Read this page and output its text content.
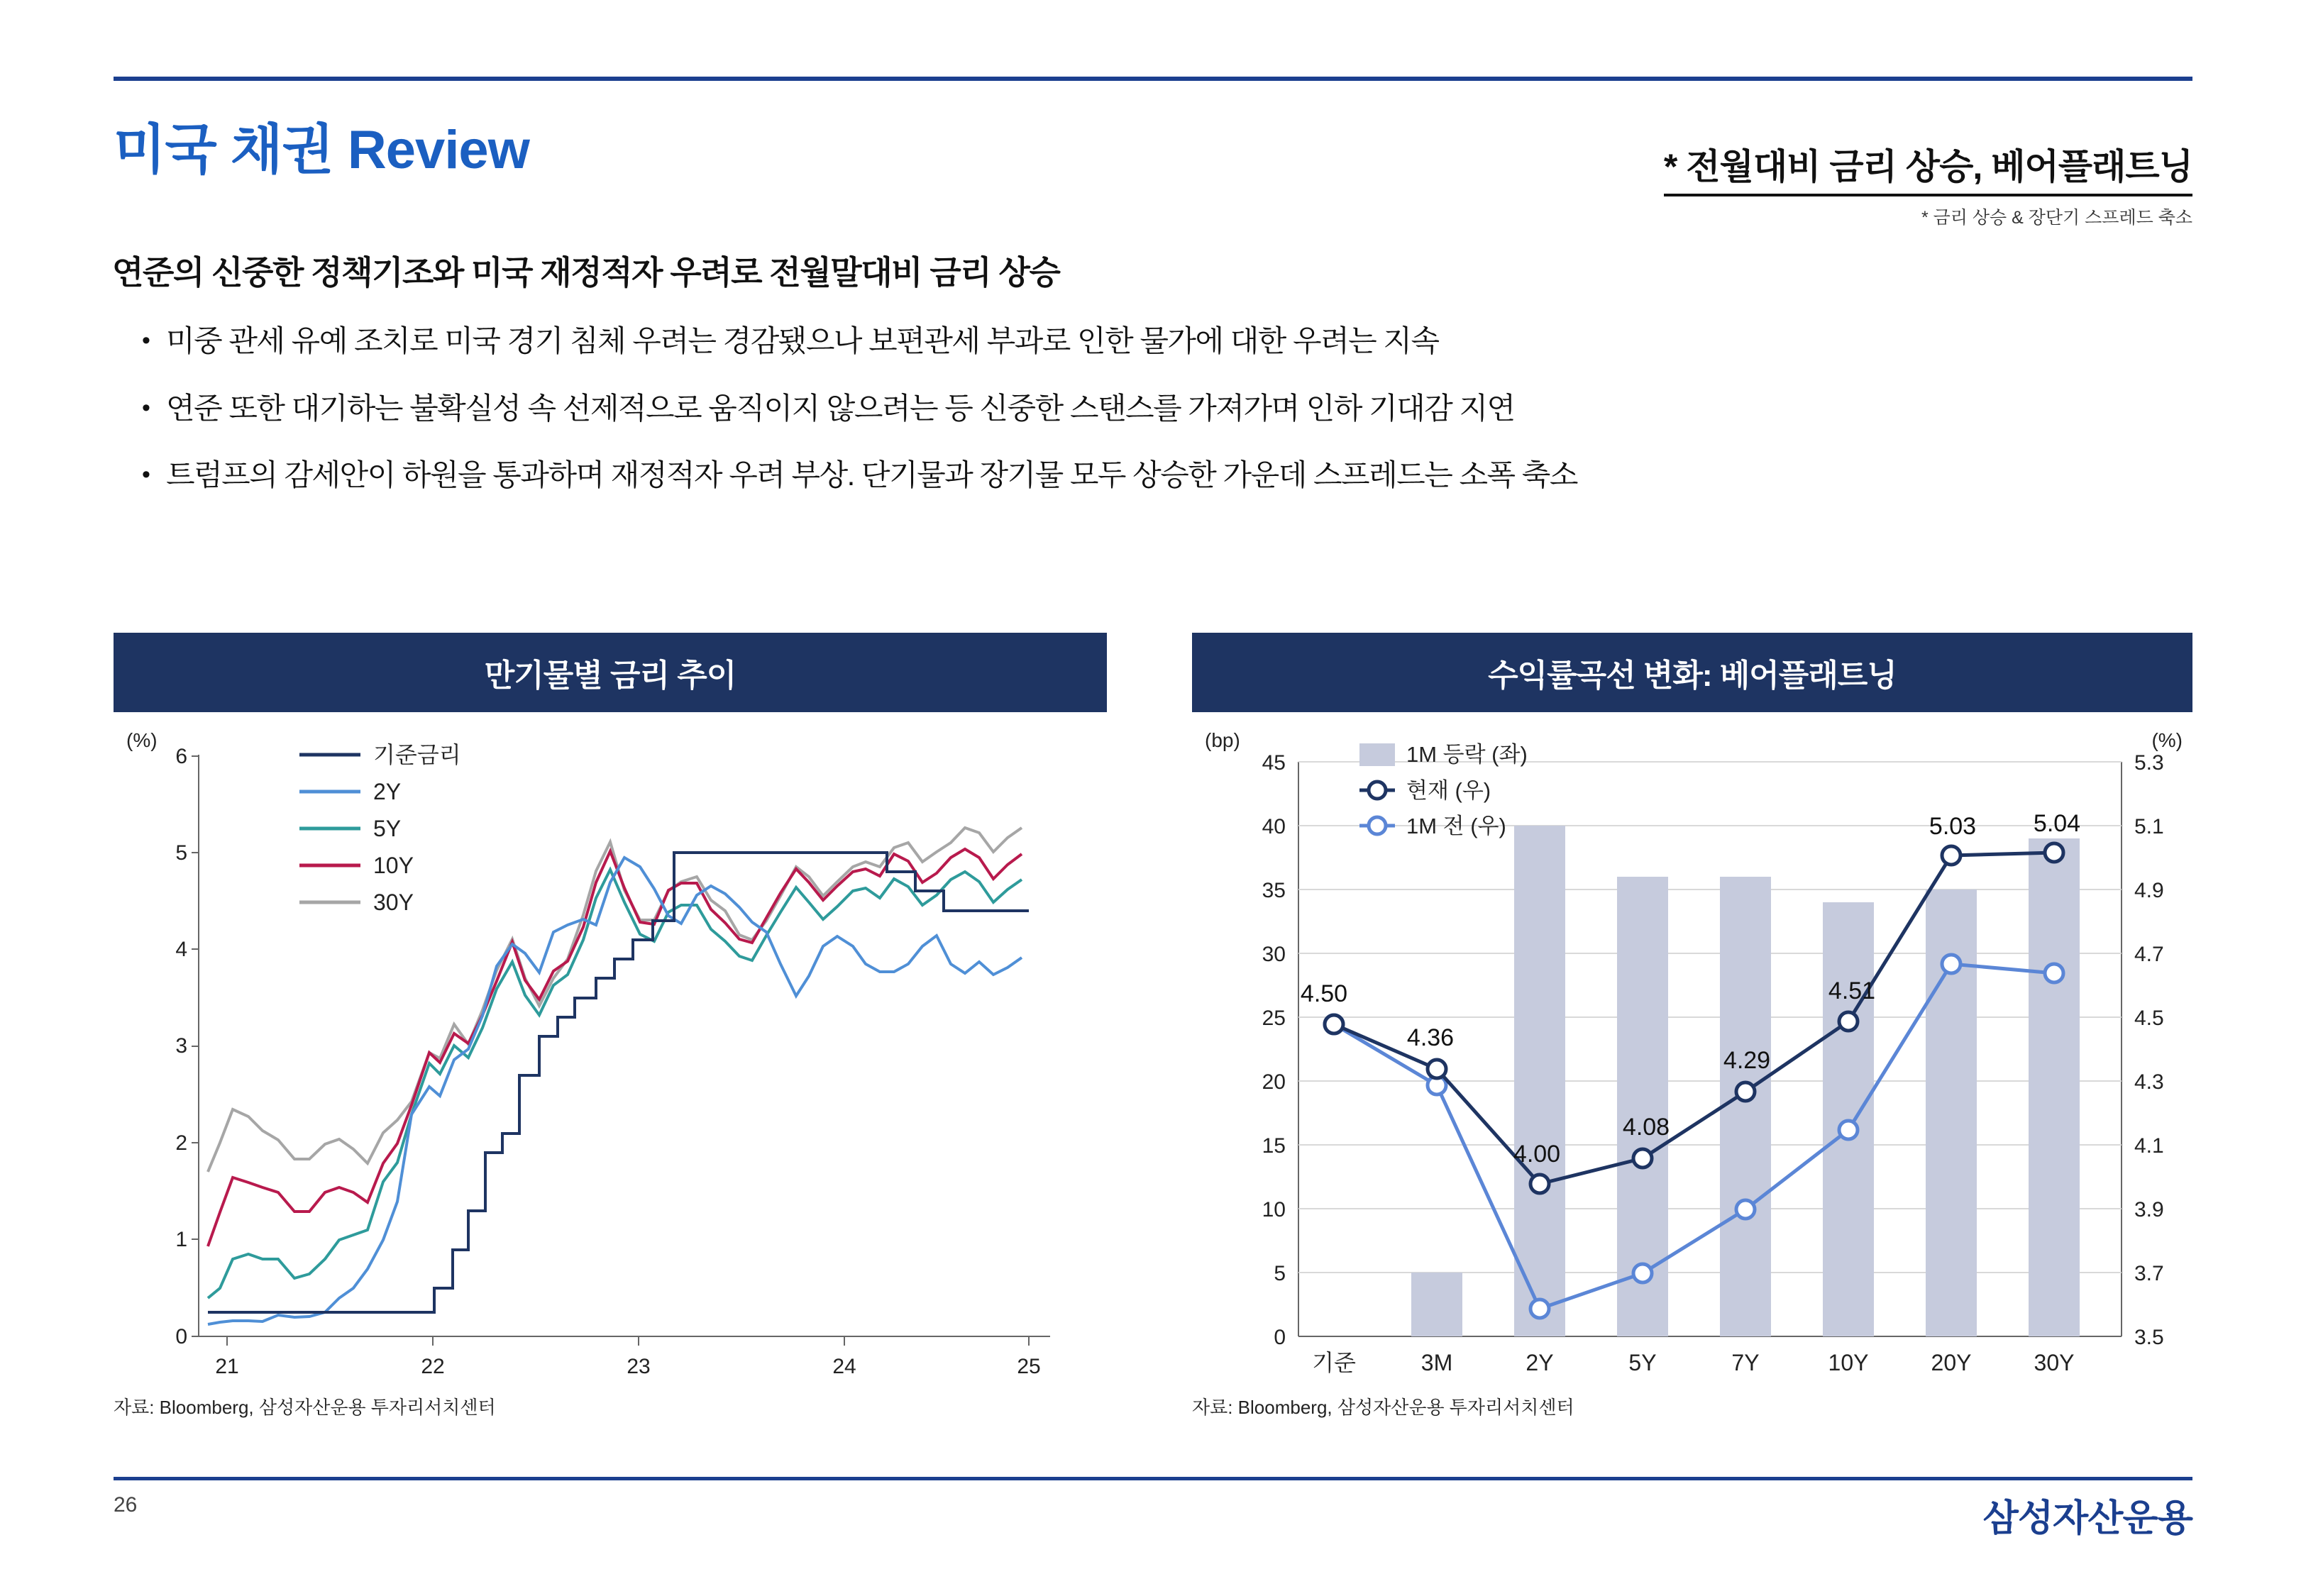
미국 채권 Review	* 전월대비 금리 상승, 베어플래트닝
* 금리 상승 & 장단기 스프레드 축소
연준의 신중한 정책기조와 미국 재정적자 우려로 전월말대비 금리 상승
• 미중 관세 유예 조치로 미국 경기 침체 우려는 경감됐으나 보편관세 부과로 인한 물가에 대한 우려는 지속
• 연준 또한 대기하는 불확실성 속 선제적으로 움직이지 않으려는 등 신중한 스탠스를 가져가며 인하 기대감 지연
• 트럼프의 감세안이 하원을 통과하며 재정적자 우려 부상. 단기물과 장기물 모두 상승한 가운데 스프레드는 소폭 축소
만기물별 금리 추이
(%)
6
5
4
3
2
1
0
21	22	23	24	25
기준금리
2Y
5Y
10Y
30Y
자료: Bloomberg, 삼성자산운용 투자리서치센터
수익률곡선 변화: 베어플래트닝
(bp)	(%)
45
40
35
30
25
20
15
10
5
0
5.3
5.1
4.9
4.7
4.5
4.3
4.1
3.9
3.7
3.5
기준	3M	2Y	5Y	7Y	10Y	20Y	30Y
4.50
4.36
4.00
4.08
4.29
4.51
5.03 5.04
1M 등락 (좌)
현재 (우)
1M 전 (우)
자료: Bloomberg, 삼성자산운용 투자리서치센터
26	삼성자산운용
